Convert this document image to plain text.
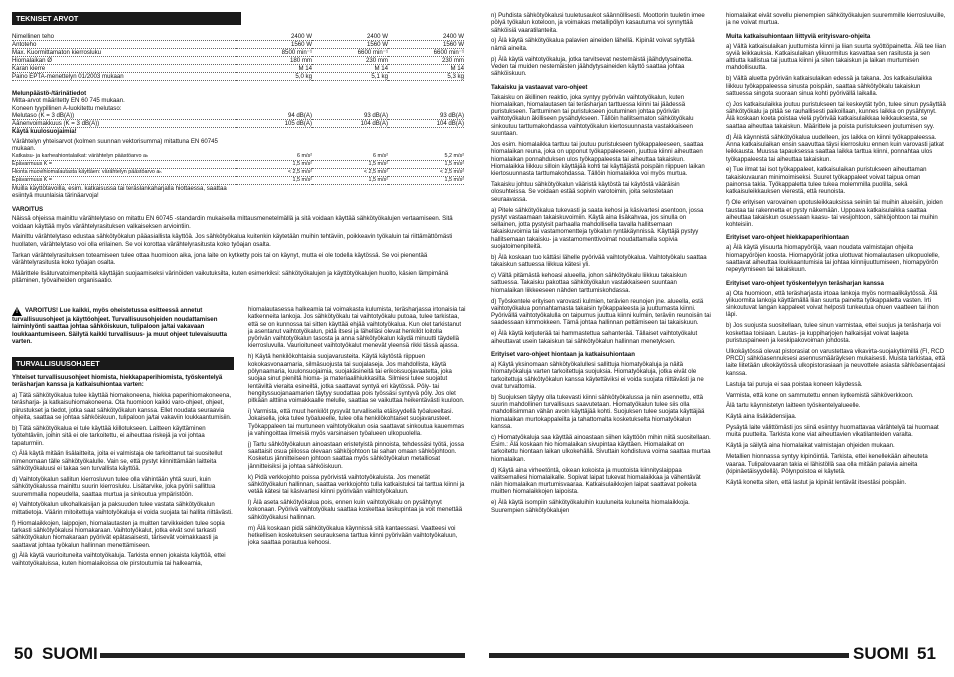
TEKNISET ARVOT
Nimellinen teho	2400 W	2400 W	2400 W
Antoteho	1560 W	1560 W	1560 W
Max. Kuormittamaton kierrosluku	8500 min⁻¹	6600 min⁻¹	6600 min⁻¹
Hiomalaikan Ø	180 mm	230 mm	230 mm
Karan kierre	M 14	M 14	M 14
Paino EPTA-menettelyn 01/2003 mukaan	5,0 kg	5,1 kg	5,3 kg
Melunpäästö-/tärinätiedot
Mitta-arvot määritetty EN 60 745 mukaan.
Koneen tyypillinen A-luokitettu melutaso:
Melutaso (K = 3 dB(A))	94 dB(A)	93 dB(A)	93 dB(A)
Äänenvoimakkuus (K = 3 dB(A))	105 dB(A)	104 dB(A)	104 dB(A)
Käytä kuulosuojaimia!
Värähtelyn yhteisarvot (kolmen suunnan vektorisumma) mitattuna EN 60745 mukaan.
Katkaisu- ja karheahiontalaikat: värähtelyn päästöarvo aₕ	6 m/s²	6 m/s²	5,2 m/s²
Epävarmuus K =	1,5 m/s²	1,5 m/s²	1,5 m/s²
Hionta muovihiomalautasta käyttäen: värähtelyn päästöarvo aₕ	< 2,5 m/s²	< 2,5 m/s²	< 2,5 m/s²
Epävarmuus K =	1,5 m/s²	1,5 m/s²	1,5 m/s²
Muilla käyttötavoilla, esim. katkaisussa tai teräslankaharjalla hiottaessa, saattaa esiintyä muunlaisia tärinäarvoja!
VAROITUS

Näissä ohjeissa mainittu värähtelytaso on mitattu EN 60745 -standardin mukaisella mittausmenetelmällä ja sitä voidaan käyttää sähkötyökalujen vertaamiseen. Sitä voidaan käyttää myös värähtelyrasituksen valkaiseksen arviointiin.

Mainittu värähtelytaso edustaa sähkötyökalun pääasiallista käyttöä. Jos sähkötyökalua kuitenkin käytetään muihin tehtäviin, poikkeavin työkaluin tai riittämättömästi huollaten, värähtelytaso voi olla erilainen. Se voi korottaa värähtelyrasitusta koko työajan osalta.

Tarkan värähtelyrasituksen toteamiseen tulee ottaa huomioon aika, jona laite on kytketty pois tai on käynyt, mutta ei ole todella käytössä. Se voi pienentää värähtelyrasitusta koko työajan osalta.

Määrittele lisäturvatoimenpiteitä käyttäjän suojaamiseksi värinöiden vaikutuksilta, kuten esimerkiksi: sähkötyökalujen ja käyttötyökalujen huolto, käsien lämpimänä pitäminen, työvaiheiden organisaatio.

! VAROITUS! Lue kaikki, myös oheistetussa esitteessä annetut turvallisuusohjeet ja käyttöohjeet. Turvallisuusohjeiden noudattamisen laiminlyönti saattaa johtaa sähköiskuun, tulipaloon ja/tai vakavaan loukkaantumiseen. Säilytä kaikki turvallisuus- ja muut ohjeet tulevaisuutta varten.
TURVALLISUUSOHJEET

Yhteiset turvallisuusohjeet hiomista, hiekkapaperihiomista, työskentelyä teräsharjan kanssa ja katkaisuhiontaa varten:

a) Tätä sähkötyökalua tulee käyttää hiomakoneena, hiekka paperihiomakoneena, teräsharja- ja katkaisuhiomakoneena. Ota huomioon kaikki varo-ohjeet, ohjeet, piirustukset ja tiedot, jotka saat sähkötyökalun kanssa. Ellet noudata seuraavia ohjeita, saattaa se johtaa sähköiskuun, tulipaloon ja/tai vakaviin loukkaantumisiin.

b) Tätä sähkötyökalua ei tule käyttää kiillotukseen. Laitteen käyttäminen työtehtäviin, joihin sitä ei ole tarkoitettu, ei aiheuttaa riskejä ja voi johtaa tapaturmiin.

c) Älä käytä mitään lisälaitteita, joita ei valmistaja ole tarkoittanut tai suositellut nimenomaan tälle sähkötyökalulle. Vain se, että pystyt kiinnittämään laitteita sähkötyökaluusi ei takaa sen turvallista käyttöä.

d) Vaihtotyökalun sallitun kierrosluvun tulee olla vähintään yhtä suuri, kuin sähkötyökalussa mainittu suurin kierrosluku. Lisätarvike, joka pyörii sallittua suuremmalla nopeudella, saattaa murtua ja sinkoutua ympäristöön.

e) Vaihtotyökalun ulkohalkaisijan ja paksuuden tulee vastata sähkötyökalun mittatietoja. Väärin mitoitettuja vaihtotyökaluja ei voida suojata tai hallita riittävästi.

f) Hiomalaikkojen, laippojen, hiomalautasten ja muitten tarvikkeiden tulee sopia tarkasti sähkötyökalusi hiomakaraan. Vaihtotyökalut, jotka eivät sovi tarkasti sähkötyökalun hiomakaraan pyörivät epätasaisesti, tärisevät voimakkaasti ja saattavat johtaa työkalun hallinnan menettämiseen.

g) Älä käytä vaurioituneita vaihtotyökaluja. Tarkista ennen jokaista käyttöä, ettei vaihtotyökaluissa, kuten hiomalaikoissa ole pirstoutumia tai halkeamia,

hiomalautasessa halkeamia tai voimakasta kulumista, teräsharjassa irtonaisia tai katkenneita lankoja. Jos sähkötyökalu tai vaihtotyökalu putoaa, tulee tarkistaa, että se on kunnossa tai sitten käyttää ehjää vaihtotyökalua. Kun olet tarkistanut ja asentanut vaihtotyökalun, pidä itsesi ja lähelläsi olevat henkilöt loitolla pyörivän vaihtotyökalun tasosta ja anna sähkötyökalun käydä minuutti täydellä kierrosluvulla. Vaurioituneet vaihtotyökalut menevät yleensä rikki tässä ajassa.

h) Käytä henkilökohtaisia suojavarusteita. Käytä käytöstä riippuen kokokasvonaamaria, silmäsuojusta tai suojalaseja. Jos mahdollista, käytä pölynaamaria, kuulonsuojaimia, suojakäsineitä tai erikoissuojavaatetta, joka suojaa sinut pieniltä hioma- ja materiaalihiukkasilta. Silmiesi tulee suojatut lentäviltä vieraita esineiltä, jotka saattavat syntyä eri käytössä. Pöly- tai hengityssuojanaamarien täytyy suodattaa pois työssäsi syntyvä pöly. Jos olet pitkään alttiina voimakkaalle melulle, saattaa se vaikuttaa heikentävästi kuuloon.

i) Varmista, että muut henkilöt pysyvät turvallisella etäisyydellä työalueeltasi. Jokaisella, joka tulee työalueelle, tulee olla henkilökohtaiset suojavarusteet. Työkappaleen tai murtuneen vaihtotyökalun osia saattavat sinkoutua kauemmas ja vahingoittaa ilmeisiä myös varsinaisen työalueen ulkopuolella.

j) Tartu sähkötyökaluun ainoastaan eristetyistä pinnoista, tehdessäsi työtä, jossa saattaisit osua piilossa olevaan sähköjohtoon tai sahan omaan sähköjohtoon. Kosketus jännitteiseen johtoon saattaa myös sähkötyökalun metalliosat jännitteisiksi ja johtaa sähköiskuun.

k) Pidä verkkojohto poissa pyörivistä vaihtotyökaluista. Jos menetät sähkötyökalun hallinnan, saattaa verkkojohto tulla katkaistuksi tai tarttua kiinni ja vetää kätesi tai käsivartesi kiinni pyörivään vaihtotyökaluun.

l) Älä aseta sähkötyökalua pois, ennen kuin vaihtotyökalu on pysähtynyt kokonaan. Pyörivä vaihtotyökalu saattaa koskettaa laskupintaa ja voit menettää sähkötyökalusi hallinnan.

m) Älä koskaan pidä sähkötyökalua käynnissä sitä kantaessasi. Vaatteesi voi hetkellisen kosketuksen seurauksena tarttua kiinni pyörivään vaihtotyökaluun, joka saattaa porautua kehoosi.

50 SUOMI

n) Puhdista sähkötyökalusi tuuletusaukot säännöllisesti. Moottorin tuuletin imee pölyä työkalun koteloon, ja voimakas metallipölyn kasautuma voi synnyttää sähköisiä vaaratilanteita.

o) Älä käytä sähkötyökalua palavien aineiden lähellä. Kipinät voivat sytyttää nämä aineita.

p) Älä käytä vaihtotyökaluja, jotka tarvitsevat nestemäistä jäähdytysainetta. Veden tai muiden nestemäisten jäähdytysaineiden käyttö saattaa johtaa sähköiskuun.

Takaisku ja vastaavat varo-ohjeet

Takaisku on äkillinen reaktio, joka syntyy pyörivän vaihtotyökalun, kuten hiomalaikan, hiomalautasen tai teräsharjan tarttuessa kiinni tai jäädessä puristukseen. Tarttuminen tai puristukseen joutuminen johtaa pyörivän vaihtotyökalun äkilliseen pysähdykseen. Tällöin hallitsematon sähkötyökalu sinkoutuu tarttumakohdassa vaihtotyökalun kiertosuunnasta vastakkaiseen suuntaan.

Jos esim. hiomalaikka tarttuu tai joutuu puristukseen työkappaleeseen, saattaa hiomalaikan reuna, joka on upponut työkappaleeseen, juuttua kiinni aiheuttaen hiomalaikan ponnahduksen ulos työkappaleesta tai aiheuttaa takaiskun. Hiomalaikka liikkuu silloin käyttäjää kohti tai käyttäjästä poispäin riippuen laikan kiertosuunnasta tarttumakohdassa. Tällöin hiomalaikka voi myös murtua.

Takaisku johtuu sähkötyökalun vääristä käytöstä tai käytöstä vääräisin olosuhteissa. Se voidaan estää sopivin varotoimin, joita selostetaan seuraavassa.

a) Pitele sähkötyökalua tukevasti ja saata kehosi ja käsivartesi asentoon, jossa pystyt vastaamaan takaiskuvoimiin. Käytä aina lisäkahvaa, jos sinulla on sellainen, jotta pystyisit parhaalla mahdollisella tavalla hallitsemaan takaiskuvoimia tai vastamomentteja työkalun ryntäkäynnissä. Käyttäjä pystyy hallitsemaan takaisku- ja vastamomenttivoimat noudattamalla sopivia suojatoimenpiteitä.

b) Älä koskaan tuo kättäsi lähelle pyörivää vaihtotyökalua. Vaihtotyökalu saattaa takaiskun sattuessa liikkua kätesi yli.

c) Vältä pitämästä kehoasi alueella, johon sähkötyökalu liikkuu takaiskun sattuessa. Takaisku pakottaa sähkötyökalun vastakkaiseen suuntaan hiomalaikan liikkeeseen nähden tarttumiskohdassa.

d) Työskentele erityisen varovasti kulmien, terävien reunojen jne. alueella, estä vaihtotyökalua ponnahtamasta takaisin työkappaleesta ja juuttumasta kiinni. Pyörivällä vaihtotyökalulla on taipumus juuttua kiinni kulmiin, teräviin reunoisiin tai saadessaan kimmokkeen. Tämä johtaa hallinnan pettämiseen tai takaiskuun.

e) Älä käytä ketjuterää tai hammastettua sahanterää. Tällaiset vaihtotyökalut aiheuttavat usein takaiskun tai sähkötyökalun hallinnan menetyksen.

Erityiset varo-ohjeet hiontaan ja katkaisuhiontaan

a) Käytä yksinomaan sähkötyökalullesi sallittuja hiomatyökaluja ja näitä hiomatyökaluja varten tarkoitettuja suojuksia. Hiomatyökaluja, jotka eivät ole tarkoitettuja sähkötyökalun kanssa käytettäviksi ei voida suojata riittävästi ja ne ovat turvattomia.

b) Suojuksen täytyy olla tukevasti kiinni sähkötyökalussa ja niin asennettu, että suurin mahdollinen turvallisuus saavutetaan. Hiomatyökalun tulee siis olla mahdollisimman vähän avoin käyttäjää kohti. Suojuksen tulee suojata käyttäjää hiomalaikan murtokappaleilta ja tahattomalta kosketukselta hiomatyökalun kanssa.

c) Hiomatyökaluja saa käyttää ainoastaan siihen käyttöön mihin niitä suositellaan. Esim.: Älä koskaan hio hiomalaikan sivupintaa käyttäen. Hiomalaikat on tarkoitettu hiontaan laikan ulkokehällä. Sivuttain kohdistuva voima saattaa murtaa hiomalaikan.

d) Käytä aina virheetöntä, oikean kokoista ja muotoista kiinnityslaippaa valitsemallesi hiomalaikalle. Sopivat laipat tukevat hiomalaikkaa ja vähentävät näin hiomalaikan murtumisvaaraa. Katkaisulaikkojen laipat saattavat poiketa muitten hiomalaikkojen laipoista.

e) Älä käytä isompiin sähkötyökaluihin kuuluneita kuluneita hiomalaikkoja. Suurempien sähkötyökalujen

hiomalaikat eivät sovellu pienempien sähkötyökalujen suuremmille kierrosluvuille, ja ne voivat murtua.

Muita katkaisuhiontaan liittyviä erityisvaro-ohjeita

a) Vältä katkaisulaikan juuttumista kiinni ja liian suurta syöttöpainetta. Älä tee liian syviä leikkauksia. Katkaisulaikan ylikuormitus kasvattaa sen rasitusta ja sen alttiutta kallistua tai juuttua kiinni ja siten takaiskun ja laikan murtumisen mahdollisuutta.

b) Vältä aluetta pyörivän katkaisulaikan edessä ja takana. Jos katkaisulaikka liikkuu työkappaleessa sinusta poispäin, saattaa sähkötyökalu takaiskun sattuessa singota suoraan sinua kohti pyörivällä laikalla.

c) Jos katkaisulaikka joutuu puristukseen tai keskeytät työn, tulee sinun pysäyttää sähkötyökalu ja pitää se rauhallisesti paikoillaan, kunnes laikka on pysähtynyt. Älä koskaan koeta poistaa vielä pyörivää katkaisulaikkaa leikkauksesta, se saattaa aiheuttaa takaiskun. Määrittele ja poista puristukseen joutumisen syy.

d) Älä käynnistä sähkötyökalua uudelleen, jos laikka on kiinni työkappaleessa. Anna katkaisulaikan ensin saavuttaa täysi kierrosluku ennen kuin varovasti jatkat leikkausta. Muussa tapauksessa saattaa laikka tarttua kiinni, ponnahtaa ulos työkappaleesta tai aiheuttaa takaiskun.

e) Tue ilmat tai isot työkappaleet, katkaisulaikan puristukseen aiheuttaman takaiskuvauran minimoimiseksi. Suuret työkappaleet voivat taipua oman painonsa takia. Työkappaletta tulee tukea molemmilla puolilla, sekä katkaisuleikkauksen vierestä, että reunoista.

f) Ole erityisen varovainen upotusleikkauksissa seiniin tai muihin alueisiin, joiden taustaa tai rakennetta et pysty näkemään. Uppoava katkaisulaikka saattaa aiheuttaa takaiskun osuessaan kaasu- tai vesijohtoon, sähköjohtoon tai muihin kohteisiin.

Erityiset varo-ohjeet hiekkapaperihiontaan

a) Älä käytä ylisuurta hiomapyöröjä, vaan noudata valmistajan ohjeita hiomapyöröjen koosta. Hiomapyörät jotka ulottuvat hiomalautasen ulkopuolelle, saattavat aiheuttaa loukkaantumisia tai johtaa kiinnijuuttumiseen, hiomapyörön repeytymiseen tai takaiskuun.

Erityiset varo-ohjeet työskentelyyn teräsharjan kanssa

a) Ota huomioon, että teräsharjasta irtoaa lankoja myös normaalikäytössä. Älä ylikuormita lankoja käyttämällä liian suurta painetta työkappaletta vasten. Irti sinkoutuvat langan kappaleet voivat helposti tunkeutua ohuen vaatteen tai ihon läpi.

b) Jos suojusta suositellaan, tulee sinun varmistaa, ettei suojus ja teräsharja voi koskettaa toisiaan. Lautas- ja kuppiharjojen halkaisijat voivat laajeta puristuspaineen ja keskipakovoiman johdosta.

Ulkokäytössä olevat pistorasiat on varustettava vikavirta-suojakytkimillä (FI, RCD PRCD) sähköasennuksesi asennusmääräyksen mukaisesti. Muista tarkistaa, että laite liitetään ulkokäytössä ulkopistorasiaan ja neuvottele asiasta sähköasentajasi kanssa.

Lastuja tai puruja ei saa poistaa koneen käydessä.

Varmista, että kone on sammutettu ennen kytkemistä sähköverkkoon.

Älä tartu käynnistetyn laitteen työskentelyalueelle.

Käytä aina lisäkädensijaa.

Pysäytä laite välittömästi jos siinä esiintyy huomattavaa värähtelyä tai huomaat muita puutteita. Tarkista kone viat aiheuttavien vikatilanteiden varalta.

Käytä ja säilytä aina hiomalaikat valmistajan ohjeiden mukaan.

Metallien hionnassa syntyy kipinöintiä. Tarkista, ettei kenellekään aiheuteta vaaraa. Tulipalovaaran takia ei lähistöllä saa olla mitään palavia aineita (kipinäetäisyydellä). Pölynpoistoa ei käytetä.

Käytä konetta siten, että lastut ja kipinät lentävät itsestäsi poispäin.

SUOMI 51
